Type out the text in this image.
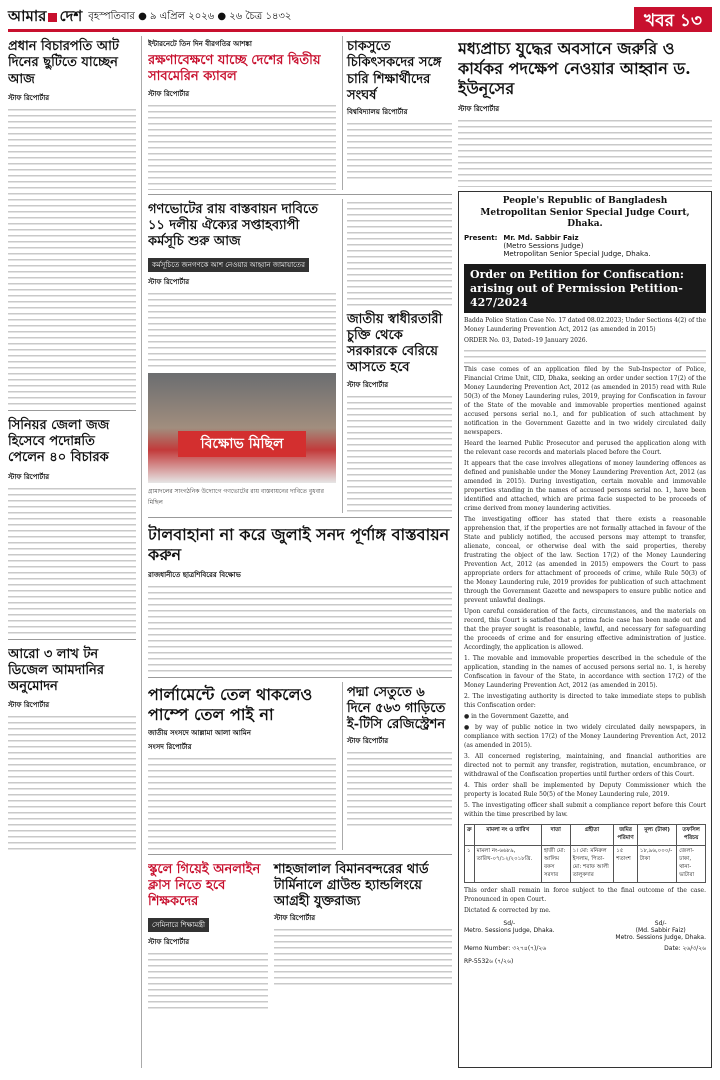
আমার দেশ বৃহস্পতিবার ● ৯ এপ্রিল ২০২৬ ● ২৬ চৈত্র ১৪৩২	খবর ১৩
প্রধান বিচারপতি আট দিনের ছুটিতে যাচ্ছেন আজ
স্টাফ রিপোর্টার
সিনিয়র জেলা জজ হিসেবে পদোন্নতি পেলেন ৪০ বিচারক
স্টাফ রিপোর্টার
আরো ৩ লাখ টন ডিজেল আমদানির অনুমোদন
স্টাফ রিপোর্টার
ইন্টারনেটে তিন দিন বীরগতির আশঙ্কা
রক্ষণাবেক্ষণে যাচ্ছে দেশের দ্বিতীয় সাবমেরিন ক্যাবল
স্টাফ রিপোর্টার
চাকসুতে চিকিৎসকদের সঙ্গে চারি শিক্ষার্থীদের সংঘর্ষ
বিশ্ববিদ্যালয় রিপোর্টার
গণভোটের রায় বাস্তবায়ন দাবিতে ১১ দলীয় ঐক্যের সপ্তাহব্যাপী কর্মসূচি শুরু আজ
কর্মসূচিতে জনগণকে আশ নেওয়ার আহ্বান জামায়াতের
স্টাফ রিপোর্টার
বিক্ষোভ মিছিল
গ্রাম্যদলের সাংগঠনিক উদ্যোগে গণভোটের রায় বাস্তবায়নের দাবিতে বুধবার মিছিল
জাতীয় স্বাধীরতারী চুক্তি থেকে সরকারকে বেরিয়ে আসতে হবে
স্টাফ রিপোর্টার
টালবাহানা না করে জুলাই সনদ পূর্ণাঙ্গ বাস্তবায়ন করুন
রাজধানীতে ছাত্রশিবিরের বিক্ষোভ
পার্লামেন্টে তেল থাকলেও পাম্পে তেল পাই না
জাতীয় সংসদে আল্লামা আলা আমিন
সংসদ রিপোর্টার
পদ্মা সেতুতে ৬ দিনে ৫৬৩ গাড়িতে ই-টিসি রেজিস্ট্রেশন
স্টাফ রিপোর্টার
স্কুলে গিয়েই অনলাইন ক্লাস নিতে হবে শিক্ষকদের
সেমিনারে শিক্ষামন্ত্রী
স্টাফ রিপোর্টার
শাহজালাল বিমানবন্দরের থার্ড টার্মিনালে গ্রাউন্ড হ্যান্ডলিংয়ে আগ্রহী যুক্তরাজ্য
স্টাফ রিপোর্টার
মধ্যপ্রাচ্য যুদ্ধের অবসানে জরুরি ও কার্যকর পদক্ষেপ নেওয়ার আহ্বান ড. ইউনূসের
স্টাফ রিপোর্টার
People's Republic of Bangladesh
Metropolitan Senior Special Judge Court, Dhaka.
Present: Mr. Md. Sabbir Faiz
(Metro Sessions Judge)
Metropolitan Senior Special Judge, Dhaka.
Order on Petition for Confiscation: arising out of Permission Petition-427/2024

Badda Police Station Case No. 17 dated 08.02.2023; Under Sections 4(2) of the Money Laundering Prevention Act, 2012 (as amended in 2015)

ORDER No. 03, Dated:-19 January 2026.

This case comes of an application filed by the Sub-Inspector of Police, Financial Crime Unit, CID, Dhaka, seeking an order under section 17(2) of the Money Laundering Prevention Act, 2012 (as amended in 2015) read with Rule 50(3) of the Money Laundering rules, 2019, praying for Confiscation in favour of the State of the movable and immovable properties mentioned against accused persons serial no.1, and for publication of such attachment by notification in the Government Gazette and in two widely circulated daily newspapers.

Heard the learned Public Prosecutor and perused the application along with the relevant case records and materials placed before the Court.

It appears that the case involves allegations of money laundering offences as defined and punishable under the Money Laundering Prevention Act, 2012 (as amended in 2015). During investigation, certain movable and immovable properties standing in the names of accused persons serial no. 1, have been identified and attached, which are prima facie suspected to be proceeds of crime derived from money laundering activities.

The investigating officer has stated that there exists a reasonable apprehension that, if the properties are not formally attached in favour of the State and publicly notified, the accused persons may attempt to transfer, alienate, conceal, or otherwise deal with the said properties, thereby frustrating the object of the law. Section 17(2) of the Money Laundering Prevention Act, 2012 (as amended in 2015) empowers the Court to pass appropriate orders for attachment of proceeds of crime, while Rule 50(3) of the Money Laundering rule, 2019 provides for publication of such attachment through the Government Gazette and newspapers to ensure public notice and prevent unlawful dealings.

Upon careful consideration of the facts, circumstances, and the materials on record, this Court is satisfied that a prima facie case has been made out and that the prayer sought is reasonable, lawful, and necessary for safeguarding the proceeds of crime and for ensuring effective administration of justice. Accordingly, the application is allowed.

1. The movable and immovable properties described in the schedule of the application, standing in the names of accused persons serial no. 1, is hereby Confiscation in favour of the State, in accordance with section 17(2) of the Money Laundering Prevention Act, 2012 (as amended in 2015).

2. The investigating authority is directed to take immediate steps to publish this Confiscation order:

● in the Government Gazette, and

● by way of public notice in two widely circulated daily newspapers, in compliance with section 17(2) of the Money Laundering Prevention Act, 2012 (as amended in 2015).

3. All concerned registering, maintaining, and financial authorities are directed not to permit any transfer, registration, mutation, encumbrance, or withdrawal of the Confiscation properties until further orders of this Court.

4. This order shall be implemented by Deputy Commissioner which the property is located Rule 50(5) of the Money Laundering rule, 2019.

5. The investigating officer shall submit a compliance report before this Court within the time prescribed by law.

ক্র	মামলা নং ও তারিখ	দাতা	গ্রহীতা	জমির পরিমাণ	মূল্য (টাকা)	তফসিল পরিচয়
১	মামলা নং-৬৬৮৯, তারিখ-০৭/১২/২০১৮খ্রি.	হাজী মো: আলিম বকস সরদার	১। মো: মনিরুল ইসলাম, পিতা-মো: শরাফ আলী তালুকদার	১৫ শতাংশ	১৮,৯৬,০০০/- টাকা	জেলা-ঢাকা, থানা-ভাটারা

This order shall remain in force subject to the final outcome of the case. Pronounced in open Court.

Dictated & corrected by me.

Sd/-
Metro. Sessions Judge, Dhaka.
Sd/-
(Md. Sabbir Faiz)
Metro. Sessions Judge, Dhaka.
Memo Number: ৩২৭৪(৭)/২৬	Date: ২৬/৩/২৬
RP-5532৬ (৭/২৬)
